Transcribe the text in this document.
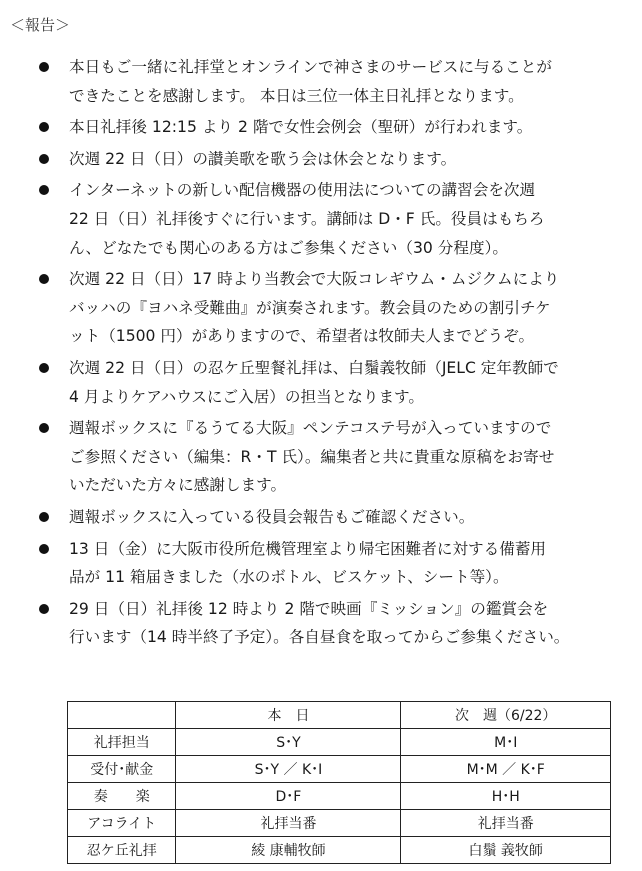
＜報告＞
本日もご一緒に礼拝堂とオンラインで神さまのサービスに与ることが
できたことを感謝します。 本日は三位一体主日礼拝となります。
本日礼拝後 12:15 より 2 階で女性会例会（聖研）が行われます。
次週 22 日（日）の讃美歌を歌う会は休会となります。
インターネットの新しい配信機器の使用法についての講習会を次週
22 日（日）礼拝後すぐに行います。講師は D・F 氏。役員はもちろ
ん、どなたでも関心のある方はご参集ください（30 分程度）。
次週 22 日（日）17 時より当教会で大阪コレギウム・ムジクムにより
バッハの『ヨハネ受難曲』が演奏されます。教会員のための割引チケ
ット（1500 円）がありますので、希望者は牧師夫人までどうぞ。
次週 22 日（日）の忍ケ丘聖餐礼拝は、白鬚義牧師（JELC 定年教師で
4 月よりケアハウスにご入居）の担当となります。
週報ボックスに『るうてる大阪』ペンテコステ号が入っていますので
ご参照ください（編集：R・T 氏）。編集者と共に貴重な原稿をお寄せ
いただいた方々に感謝します。
週報ボックスに入っている役員会報告もご確認ください。
13 日（金）に大阪市役所危機管理室より帰宅困難者に対する備蓄用
品が 11 箱届きました（水のボトル、ビスケット、シート等）。
29 日（日）礼拝後 12 時より 2 階で映画『ミッション』の鑑賞会を
行います（14 時半終了予定）。各自昼食を取ってからご参集ください。
	本　日	次　週（6/22）
礼拝担当	S･Y	M･I
受付･献金	S･Y ／ K･I	M･M ／ K･F
奏　　楽	D･F	H･H
アコライト	礼拝当番	礼拝当番
忍ケ丘礼拝	綾 康輔牧師	白鬚 義牧師
